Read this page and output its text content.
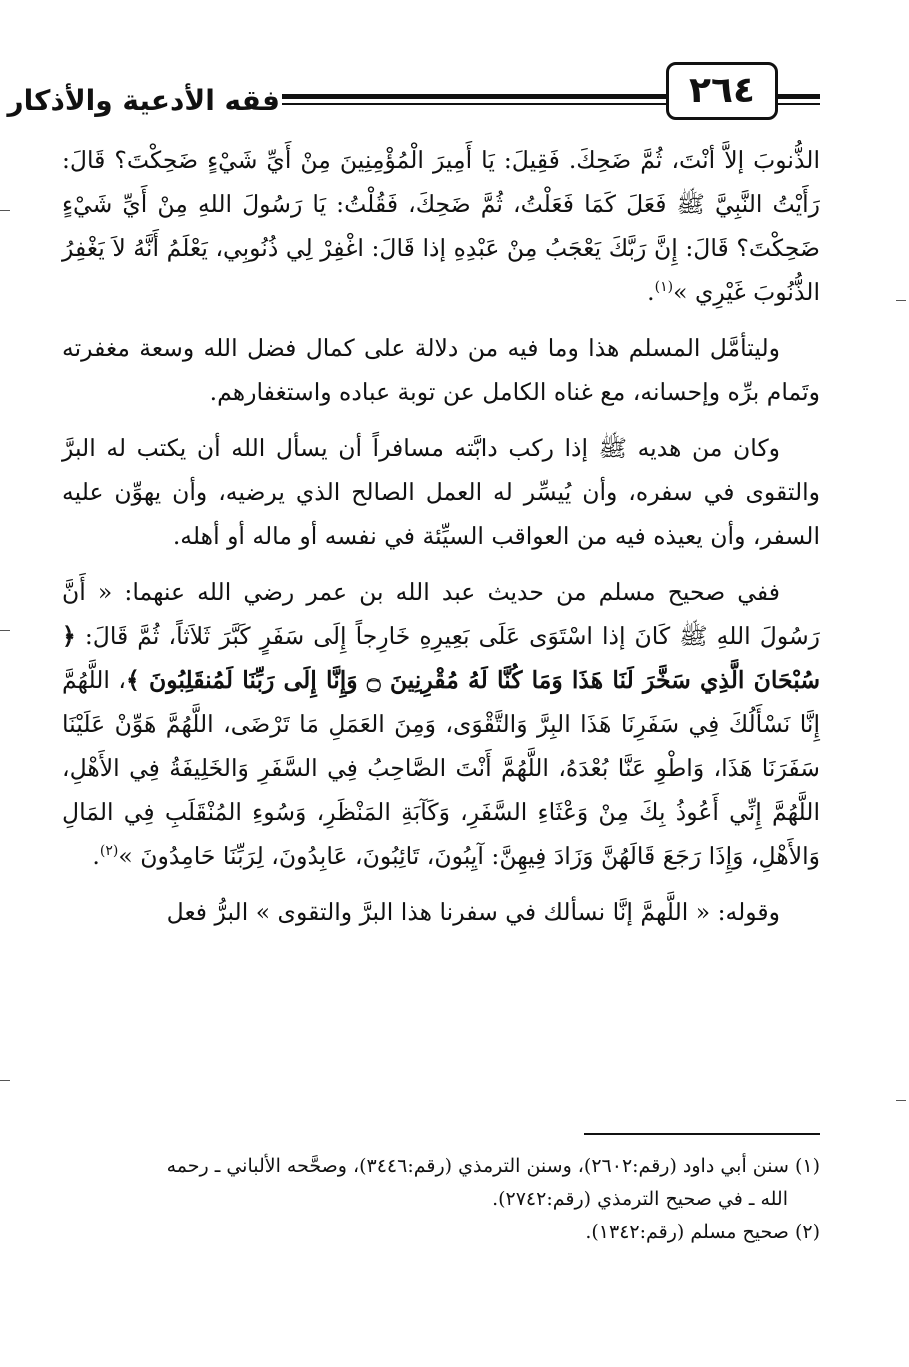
فقه الأدعية والأذكار	٢٦٤

الذُّنوبَ إلاَّ أنْتَ، ثُمَّ ضَحِكَ. فَقِيلَ: يَا أَمِيرَ الْمُؤْمِنِينَ مِنْ أَيِّ شَيْءٍ ضَحِكْتَ؟ قَالَ: رَأَيْتُ النَّبِيَّ ﷺ فَعَلَ كَمَا فَعَلْتُ، ثُمَّ ضَحِكَ، فَقُلْتُ: يَا رَسُولَ اللهِ مِنْ أَيِّ شَيْءٍ ضَحِكْتَ؟ قَالَ: إِنَّ رَبَّكَ يَعْجَبُ مِنْ عَبْدِهِ إذا قَالَ: اغْفِرْ لِي ذُنُوبِي، يَعْلَمُ أَنَّهُ لاَ يَغْفِرُ الذُّنُوبَ غَيْرِي »$^{(١)}$.

وليتأمَّل المسلم هذا وما فيه من دلالة على كمال فضل الله وسعة مغفرته وتَمام برِّه وإحسانه، مع غناه الكامل عن توبة عباده واستغفارهم.

وكان من هديه ﷺ إذا ركب دابَّته مسافراً أن يسأل الله أن يكتب له البرَّ والتقوى في سفره، وأن يُيسِّر له العمل الصالح الذي يرضيه، وأن يهوِّن عليه السفر، وأن يعيذه فيه من العواقب السيِّئة في نفسه أو ماله أو أهله.

ففي صحيح مسلم من حديث عبد الله بن عمر رضي الله عنهما: « أَنَّ رَسُولَ اللهِ ﷺ كَانَ إذا اسْتَوَى عَلَى بَعِيرِهِ خَارِجاً إِلَى سَفَرٍ كَبَّرَ ثَلاَثاً، ثُمَّ قَالَ: ﴿ سُبْحَانَ الَّذِي سَخَّرَ لَنَا هَذَا وَمَا كُنَّا لَهُ مُقْرِنِينَ ۝ وَإِنَّا إِلَى رَبِّنَا لَمُنقَلِبُونَ ﴾، اللَّهُمَّ إِنَّا نَسْأَلُكَ فِي سَفَرِنَا هَذَا البِرَّ وَالتَّقْوَى، وَمِنَ العَمَلِ مَا تَرْضَى، اللَّهُمَّ هَوِّنْ عَلَيْنَا سَفَرَنَا هَذَا، وَاطْوِ عَنَّا بُعْدَهُ، اللَّهُمَّ أَنْتَ الصَّاحِبُ فِي السَّفَرِ وَالخَلِيفَةُ فِي الأَهْلِ، اللَّهُمَّ إِنِّي أَعُوذُ بِكَ مِنْ وَعْثَاءِ السَّفَرِ، وَكَآبَةِ المَنْظَرِ، وَسُوءِ المُنْقَلَبِ فِي المَالِ وَالأَهْلِ، وَإِذَا رَجَعَ قَالَهُنَّ وَزَادَ فِيهِنَّ: آيِبُونَ، تَائِبُونَ، عَابِدُونَ، لِرَبِّنَا حَامِدُونَ »$^{(٢)}$.

وقوله: « اللَّهمَّ إنَّا نسألك في سفرنا هذا البرَّ والتقوى » البرُّ فعل

(١) سنن أبي داود (رقم:٢٦٠٢)، وسنن الترمذي (رقم:٣٤٤٦)، وصحَّحه الألباني ـ رحمه

الله ـ في صحيح الترمذي (رقم:٢٧٤٢).

(٢) صحيح مسلم (رقم:١٣٤٢).
